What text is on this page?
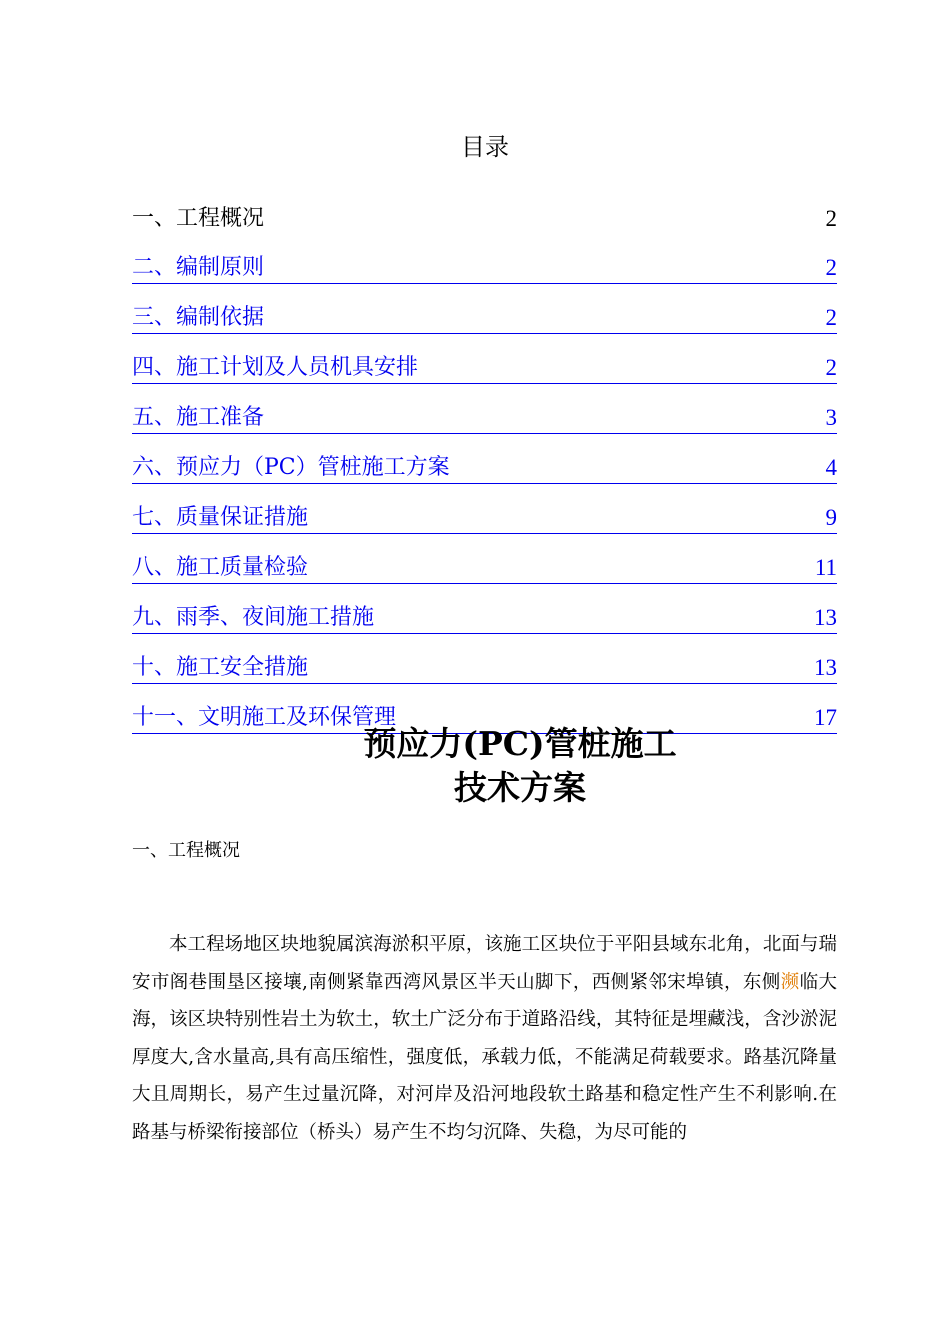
目录
一、工程概况	2
二、编制原则	2
三、编制依据	2
四、施工计划及人员机具安排	2
五、施工准备	3
六、预应力（PC）管桩施工方案	4
七、质量保证措施	9
八、施工质量检验	11
九、雨季、夜间施工措施	13
十、施工安全措施	13
十一、文明施工及环保管理	17
预应力(PC)管桩施工
技术方案
一、工程概况

本工程场地区块地貌属滨海淤积平原，该施工区块位于平阳县域东北角，北面与瑞安市阁巷围垦区接壤,南侧紧靠西湾风景区半天山脚下，西侧紧邻宋埠镇，东侧濒临大海，该区块特别性岩土为软土，软土广泛分布于道路沿线，其特征是埋藏浅，含沙淤泥厚度大,含水量高,具有高压缩性，强度低，承载力低，不能满足荷载要求。路基沉降量大且周期长，易产生过量沉降，对河岸及沿河地段软土路基和稳定性产生不利影响.在路基与桥梁衔接部位（桥头）易产生不均匀沉降、失稳，为尽可能的
